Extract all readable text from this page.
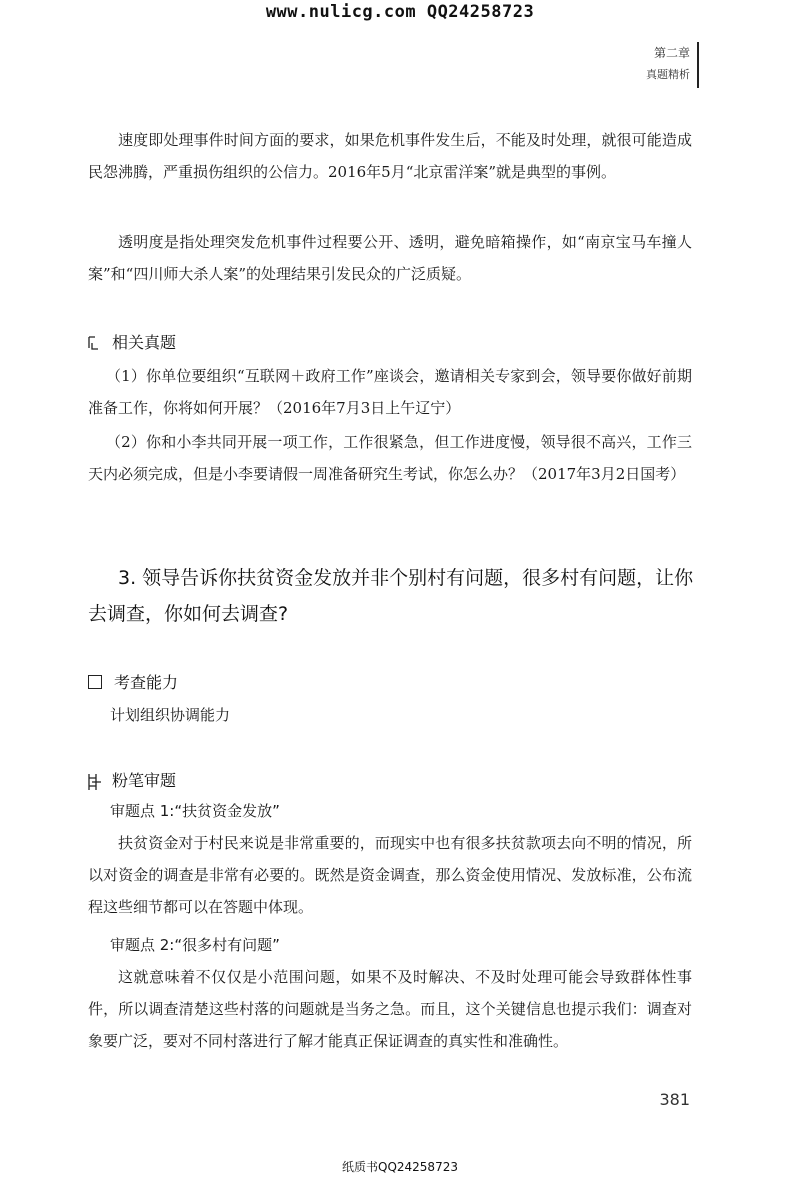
www.nulicg.com QQ24258723
第二章
真题精析
速度即处理事件时间方面的要求，如果危机事件发生后，不能及时处理，就很可能造成民怨沸腾，严重损伤组织的公信力。2016年5月“北京雷洋案”就是典型的事例。
透明度是指处理突发危机事件过程要公开、透明，避免暗箱操作，如“南京宝马车撞人案”和“四川师大杀人案”的处理结果引发民众的广泛质疑。
相关真题
（1）你单位要组织“互联网＋政府工作”座谈会，邀请相关专家到会，领导要你做好前期准备工作，你将如何开展？（2016年7月3日上午辽宁）
（2）你和小李共同开展一项工作，工作很紧急，但工作进度慢，领导很不高兴，工作三天内必须完成，但是小李要请假一周准备研究生考试，你怎么办？（2017年3月2日国考）
3. 领导告诉你扶贫资金发放并非个别村有问题，很多村有问题，让你去调查，你如何去调查?
考查能力
计划组织协调能力
粉笔审题
审题点 1:“扶贫资金发放”
扶贫资金对于村民来说是非常重要的，而现实中也有很多扶贫款项去向不明的情况，所以对资金的调查是非常有必要的。既然是资金调查，那么资金使用情况、发放标准，公布流程这些细节都可以在答题中体现。
审题点 2:“很多村有问题”
这就意味着不仅仅是小范围问题，如果不及时解决、不及时处理可能会导致群体性事件，所以调查清楚这些村落的问题就是当务之急。而且，这个关键信息也提示我们：调查对象要广泛，要对不同村落进行了解才能真正保证调查的真实性和准确性。
381
纸质书QQ24258723
